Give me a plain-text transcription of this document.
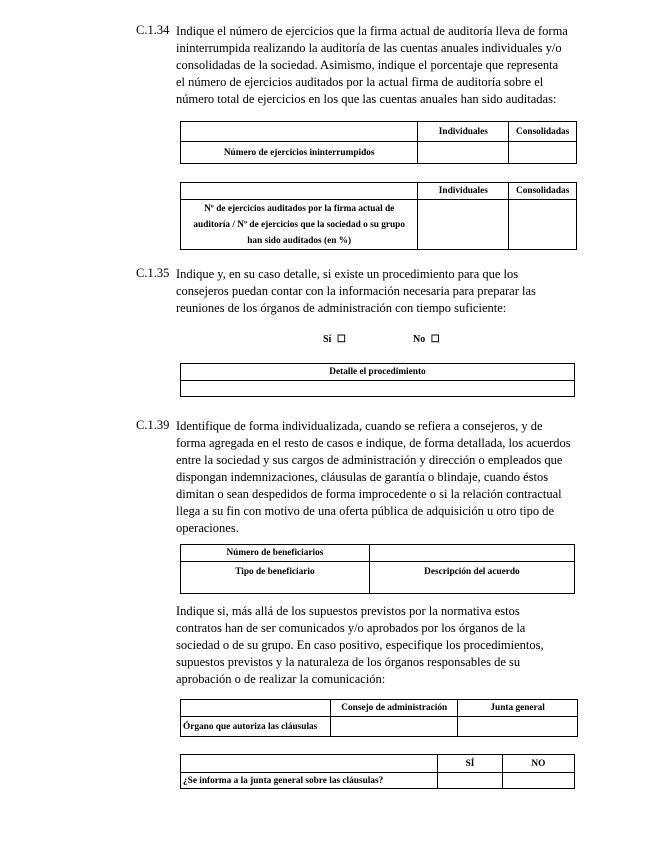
C.1.34 Indique el número de ejercicios que la firma actual de auditoría lleva de forma
ininterrumpida realizando la auditoría de las cuentas anuales individuales y/o
consolidadas de la sociedad. Asimismo, indique el porcentaje que representa
el número de ejercicios auditados por la actual firma de auditoría sobre el
número total de ejercicios en los que las cuentas anuales han sido auditadas:
	Individuales	Consolidadas
Número de ejercicios ininterrumpidos		
	Individuales	Consolidadas

Nº de ejercicios auditados por la firma actual de
auditoría / Nº de ejercicios que la sociedad o su grupo
han sido auditados (en %)		

C.1.35 Indique y, en su caso detalle, si existe un procedimiento para que los
consejeros puedan contar con la información necesaria para preparar las
reuniones de los órganos de administración con tiempo suficiente:
Sí ☐	No ☐
Detalle el procedimiento

C.1.39 Identifique de forma individualizada, cuando se refiera a consejeros, y de
forma agregada en el resto de casos e indique, de forma detallada, los acuerdos
entre la sociedad y sus cargos de administración y dirección o empleados que
dispongan indemnizaciones, cláusulas de garantía o blindaje, cuando éstos
dimitan o sean despedidos de forma improcedente o si la relación contractual
llega a su fin con motivo de una oferta pública de adquisición u otro tipo de
operaciones.
Número de beneficiarios	
Tipo de beneficiario	Descripción del acuerdo
Indique si, más allá de los supuestos previstos por la normativa estos
contratos han de ser comunicados y/o aprobados por los órganos de la
sociedad o de su grupo. En caso positivo, especifique los procedimientos,
supuestos previstos y la naturaleza de los órganos responsables de su
aprobación o de realizar la comunicación:
	Consejo de administración	Junta general
Órgano que autoriza las cláusulas		
	SÍ	NO
¿Se informa a la junta general sobre las cláusulas?		
